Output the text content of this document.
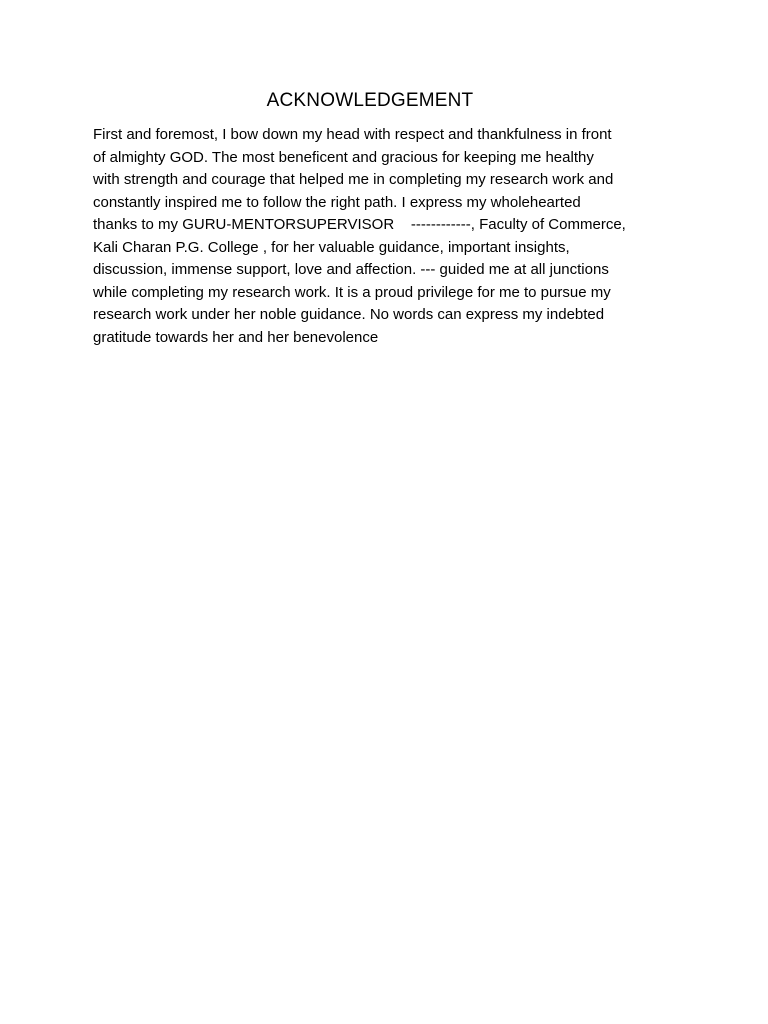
ACKNOWLEDGEMENT
First and foremost, I bow down my head with respect and thankfulness in front
of almighty GOD. The most beneficent and gracious for keeping me healthy
with strength and courage that helped me in completing my research work and
constantly inspired me to follow the right path. I express my wholehearted
thanks to my GURU-MENTORSUPERVISOR    ------------, Faculty of Commerce,
Kali Charan P.G. College , for her valuable guidance, important insights,
discussion, immense support, love and affection. --- guided me at all junctions
while completing my research work. It is a proud privilege for me to pursue my
research work under her noble guidance. No words can express my indebted
gratitude towards her and her benevolence
